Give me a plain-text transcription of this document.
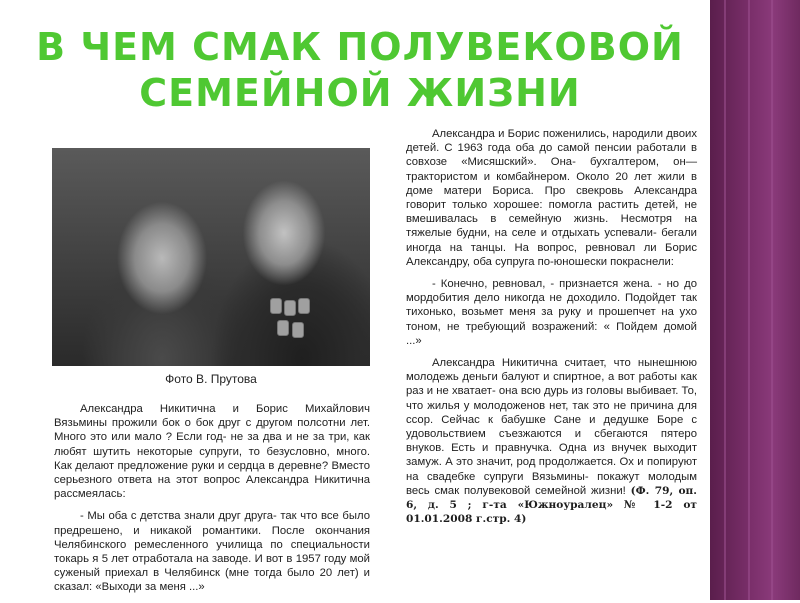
В ЧЕМ СМАК ПОЛУВЕКОВОЙ
СЕМЕЙНОЙ ЖИЗНИ
Фото В. Прутова

Александра Никитична и Борис Михайлович Вязьмины прожили бок о бок друг с другом полсотни лет. Много это или мало ? Если год- не за два и не за три, как любят шутить некоторые супруги, то безусловно, много. Как делают предложение руки и сердца в деревне? Вместо серьезного ответа на этот вопрос Александра Никитична рассмеялась:

- Мы оба с детства знали друг друга- так что все было предрешено, и никакой романтики. После окончания Челябинского ремесленного училища по специальности токарь я 5 лет отработала на заводе. И вот в 1957 году мой суженый приехал в Челябинск (мне тогда было 20 лет) и сказал: «Выходи за меня ...»

Александра и Борис поженились, народили двоих детей. С 1963 года оба до самой пенсии работали в совхозе «Мисяшский». Она- бухгалтером, он—трактористом и комбайнером. Около 20 лет жили в доме матери Бориса. Про свекровь Александра говорит только хорошее: помогла растить детей, не вмешивалась в семейную жизнь. Несмотря на тяжелые будни, на селе и отдыхать успевали- бегали иногда на танцы. На вопрос, ревновал ли Борис Александру, оба супруга по-юношески покраснели:

- Конечно, ревновал, - признается жена. - но до мордобития дело никогда не доходило. Подойдет так тихонько, возьмет меня за руку и прошепчет на ухо тоном, не требующий возражений: « Пойдем домой ...»

Александра Никитична считает, что нынешнюю молодежь деньги балуют и спиртное, а вот работы как раз и не хватает- она всю дурь из головы выбивает. То, что жилья у молодоженов нет, так это не причина для ссор. Сейчас к бабушке Сане и дедушке Боре с удовольствием съезжаются и сбегаются пятеро внуков. Есть и правнучка. Одна из внучек выходит замуж. А это значит, род продолжается. Ох и попируют на свадебке супруги Вязьмины- покажут молодым весь смак полувековой семейной жизни! (Ф. 79, оп. 6, д. 5 ; г-та «Южноуралец» № 1-2 от 01.01.2008 г.стр. 4)
